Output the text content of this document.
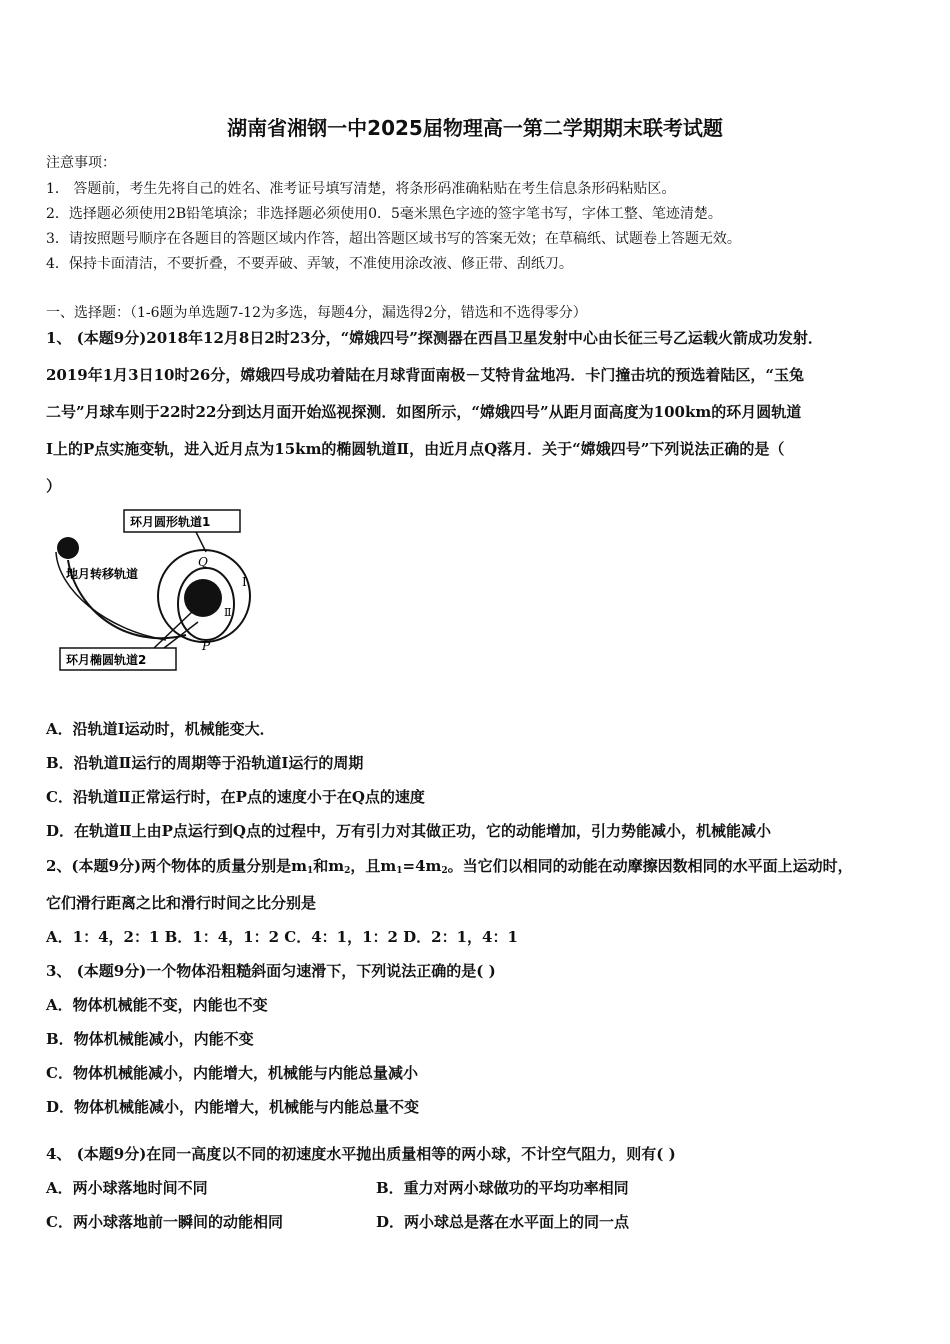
湖南省湘钢一中2025届物理高一第二学期期末联考试题
注意事项：
1． 答题前，考生先将自己的姓名、准考证号填写清楚，将条形码准确粘贴在考生信息条形码粘贴区。
2．选择题必须使用2B铅笔填涂；非选择题必须使用0．5毫米黑色字迹的签字笔书写，字体工整、笔迹清楚。
3．请按照题号顺序在各题目的答题区域内作答，超出答题区域书写的答案无效；在草稿纸、试题卷上答题无效。
4．保持卡面清洁，不要折叠，不要弄破、弄皱，不准使用涂改液、修正带、刮纸刀。
一、选择题：（1-6题为单选题7-12为多选，每题4分，漏选得2分，错选和不选得零分）
1、 (本题9分)2018年12月8日2时23分，“嫦娥四号”探测器在西昌卫星发射中心由长征三号乙运载火箭成功发射．
2019年1月3日10时26分，嫦娥四号成功着陆在月球背面南极－艾特肯盆地冯．卡门撞击坑的预选着陆区，“玉兔
二号”月球车则于22时22分到达月面开始巡视探测．如图所示，“嫦娥四号”从距月面高度为100km的环月圆轨道
I上的P点实施变轨，进入近月点为15km的椭圆轨道Ⅱ，由近月点Q落月．关于“嫦娥四号”下列说法正确的是（
）
环月圆形轨道1
地月转移轨道
环月椭圆轨道2
Q
P
I
Ⅱ
A．沿轨道I运动时，机械能变大．
B．沿轨道Ⅱ运行的周期等于沿轨道I运行的周期
C．沿轨道Ⅱ正常运行时，在P点的速度小于在Q点的速度
D．在轨道Ⅱ上由P点运行到Q点的过程中，万有引力对其做正功，它的动能增加，引力势能减小，机械能减小
2、(本题9分)两个物体的质量分别是$m_1$和$m_2$，且$m_1=4m_2$。当它们以相同的动能在动摩擦因数相同的水平面上运动时，
它们滑行距离之比和滑行时间之比分别是
A．1：4，2：1 B．1：4，1：2 C．4：1，1：2 D．2：1，4：1
3、 (本题9分)一个物体沿粗糙斜面匀速滑下，下列说法正确的是( )
A．物体机械能不变，内能也不变
B．物体机械能减小，内能不变
C．物体机械能减小，内能增大，机械能与内能总量减小
D．物体机械能减小，内能增大，机械能与内能总量不变
4、 (本题9分)在同一高度以不同的初速度水平抛出质量相等的两小球，不计空气阻力，则有( )
A．两小球落地时间不同	B．重力对两小球做功的平均功率相同
C．两小球落地前一瞬间的动能相同	D．两小球总是落在水平面上的同一点
